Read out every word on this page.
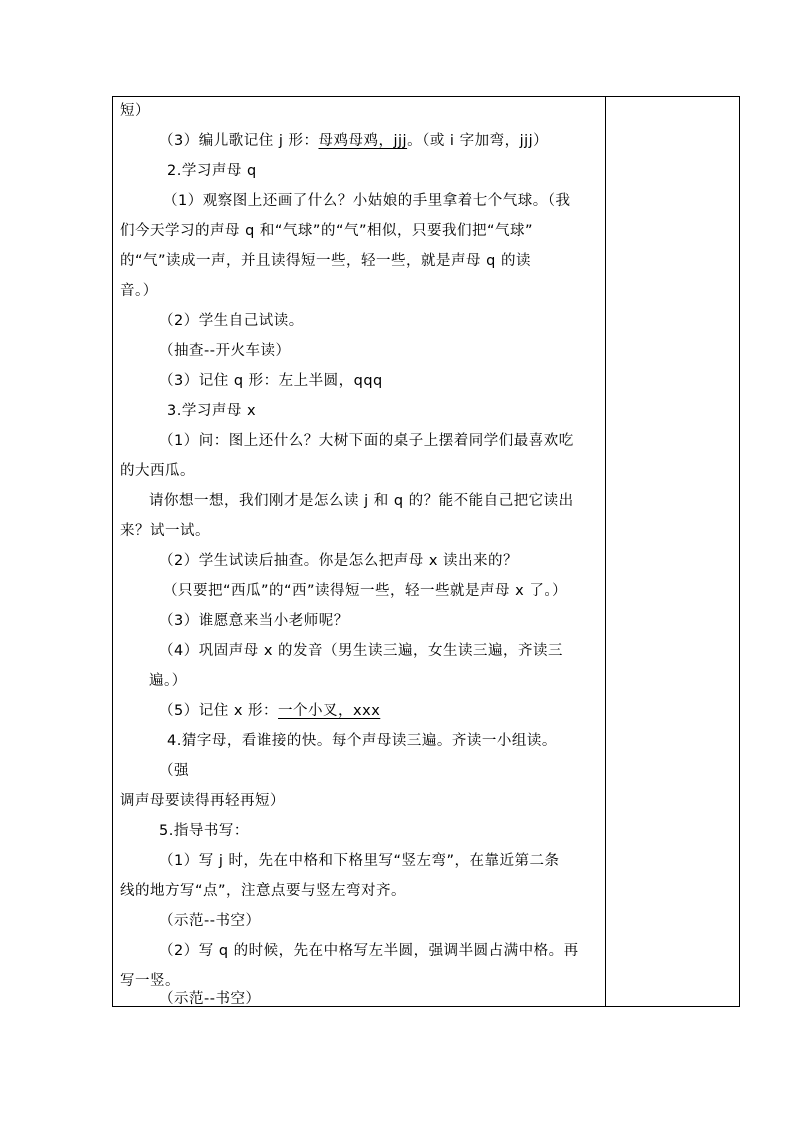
短）
（3）编儿歌记住 j 形：母鸡母鸡，jjj。（或 i 字加弯，jjj）
2.学习声母 q
（1）观察图上还画了什么？小姑娘的手里拿着七个气球。（我
们今天学习的声母 q 和“气球”的“气”相似，只要我们把“气球”
的“气”读成一声，并且读得短一些，轻一些，就是声母 q 的读
音。）
（2）学生自己试读。
（抽查--开火车读）
（3）记住 q 形：左上半圆，qqq
3.学习声母 x
（1）问：图上还什么？大树下面的桌子上摆着同学们最喜欢吃
的大西瓜。
请你想一想，我们刚才是怎么读 j 和 q 的？能不能自己把它读出
来？试一试。
（2）学生试读后抽查。你是怎么把声母 x 读出来的？
（只要把“西瓜”的“西”读得短一些，轻一些就是声母 x 了。）
（3）谁愿意来当小老师呢？
（4）巩固声母 x 的发音（男生读三遍，女生读三遍，齐读三
遍。）
（5）记住 x 形：一个小叉，xxx
4.猜字母，看谁接的快。每个声母读三遍。齐读一小组读。
（强
调声母要读得再轻再短）
5.指导书写：
（1）写 j 时，先在中格和下格里写“竖左弯”，在靠近第二条
线的地方写“点”，注意点要与竖左弯对齐。
（示范--书空）
（2）写 q 的时候，先在中格写左半圆，强调半圆占满中格。再
写一竖。
（示范--书空）
